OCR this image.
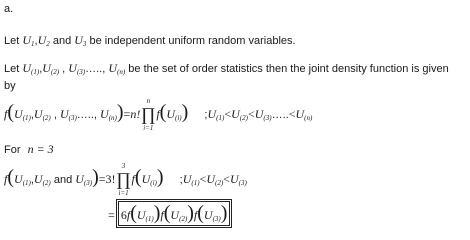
a.
Let $U_1,U_2$ and $U_3$ be independent uniform random variables.
Let $U_{(1)},U_{(2)}$ , $U_{(3)}\dots$.., $U_{(n)}$ be the set of order statistics then the joint density function is given
by
$f(U_{(1)},U_{(2)}$ , $U_{(3)}\dots$.., $U_{(n)})=n$!
n
∏
i=1
$f(U_{(i)})$  $;U_{(1)}<U_{(2)}<U_{(3)}\dots..<U_{(n)}$
For n = 3
$f(U_{(1)},U_{(2)}$ and $U_{(3)})=3$!
3
∏
i=1
$f(U_{(i)})$  $;U_{(1)}<U_{(2)}<U_{(3)}$
= $6f(U_{(1)})f(U_{(2)})f(U_{(3)})$
